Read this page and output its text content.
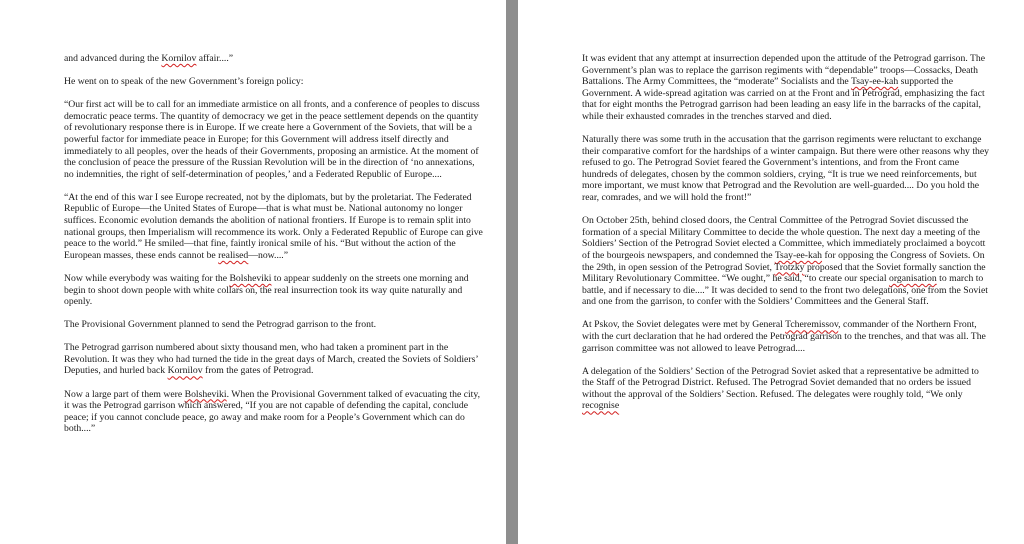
and advanced during the Kornilov affair....”

He went on to speak of the new Government’s foreign policy:

“Our first act will be to call for an immediate armistice on all fronts, and a conference of peoples to discuss democratic peace terms. The quantity of democracy we get in the peace settlement depends on the quantity of revolutionary response there is in Europe. If we create here a Government of the Soviets, that will be a powerful factor for immediate peace in Europe; for this Government will address itself directly and immediately to all peoples, over the heads of their Governments, proposing an armistice. At the moment of the conclusion of peace the pressure of the Russian Revolution will be in the direction of ‘no annexations, no indemnities, the right of self-determination of peoples,’ and a Federated Republic of Europe....

“At the end of this war I see Europe recreated, not by the diplomats, but by the proletariat. The Federated Republic of Europe—the United States of Europe—that is what must be. National autonomy no longer suffices. Economic evolution demands the abolition of national frontiers. If Europe is to remain split into national groups, then Imperialism will recommence its work. Only a Federated Republic of Europe can give peace to the world.” He smiled—that fine, faintly ironical smile of his. “But without the action of the European masses, these ends cannot be realised—now....”

Now while everybody was waiting for the Bolsheviki to appear suddenly on the streets one morning and begin to shoot down people with white collars on, the real insurrection took its way quite naturally and openly.

The Provisional Government planned to send the Petrograd garrison to the front.

The Petrograd garrison numbered about sixty thousand men, who had taken a prominent part in the Revolution. It was they who had turned the tide in the great days of March, created the Soviets of Soldiers’ Deputies, and hurled back Kornilov from the gates of Petrograd.

Now a large part of them were Bolsheviki. When the Provisional Government talked of evacuating the city, it was the Petrograd garrison which answered, “If you are not capable of defending the capital, conclude peace; if you cannot conclude peace, go away and make room for a People’s Government which can do both....”

It was evident that any attempt at insurrection depended upon the attitude of the Petrograd garrison. The Government’s plan was to replace the garrison regiments with “dependable” troops—Cossacks, Death Battalions. The Army Committees, the “moderate” Socialists and the Tsay-ee-kah supported the Government. A wide-spread agitation was carried on at the Front and in Petrograd, emphasizing the fact that for eight months the Petrograd garrison had been leading an easy life in the barracks of the capital, while their exhausted comrades in the trenches starved and died.

Naturally there was some truth in the accusation that the garrison regiments were reluctant to exchange their comparative comfort for the hardships of a winter campaign. But there were other reasons why they refused to go. The Petrograd Soviet feared the Government’s intentions, and from the Front came hundreds of delegates, chosen by the common soldiers, crying, “It is true we need reinforcements, but more important, we must know that Petrograd and the Revolution are well-guarded.... Do you hold the rear, comrades, and we will hold the front!”

On October 25th, behind closed doors, the Central Committee of the Petrograd Soviet discussed the formation of a special Military Committee to decide the whole question. The next day a meeting of the Soldiers’ Section of the Petrograd Soviet elected a Committee, which immediately proclaimed a boycott of the bourgeois newspapers, and condemned the Tsay-ee-kah for opposing the Congress of Soviets. On the 29th, in open session of the Petrograd Soviet, Trotzky proposed that the Soviet formally sanction the Military Revolutionary Committee. “We ought,” he said, “to create our special organisation to march to battle, and if necessary to die....” It was decided to send to the front two delegations, one from the Soviet and one from the garrison, to confer with the Soldiers’ Committees and the General Staff.

At Pskov, the Soviet delegates were met by General Tcheremissov, commander of the Northern Front, with the curt declaration that he had ordered the Petrograd garrison to the trenches, and that was all. The garrison committee was not allowed to leave Petrograd....

A delegation of the Soldiers’ Section of the Petrograd Soviet asked that a representative be admitted to the Staff of the Petrograd District. Refused. The Petrograd Soviet demanded that no orders be issued without the approval of the Soldiers’ Section. Refused. The delegates were roughly told, “We only recognise
